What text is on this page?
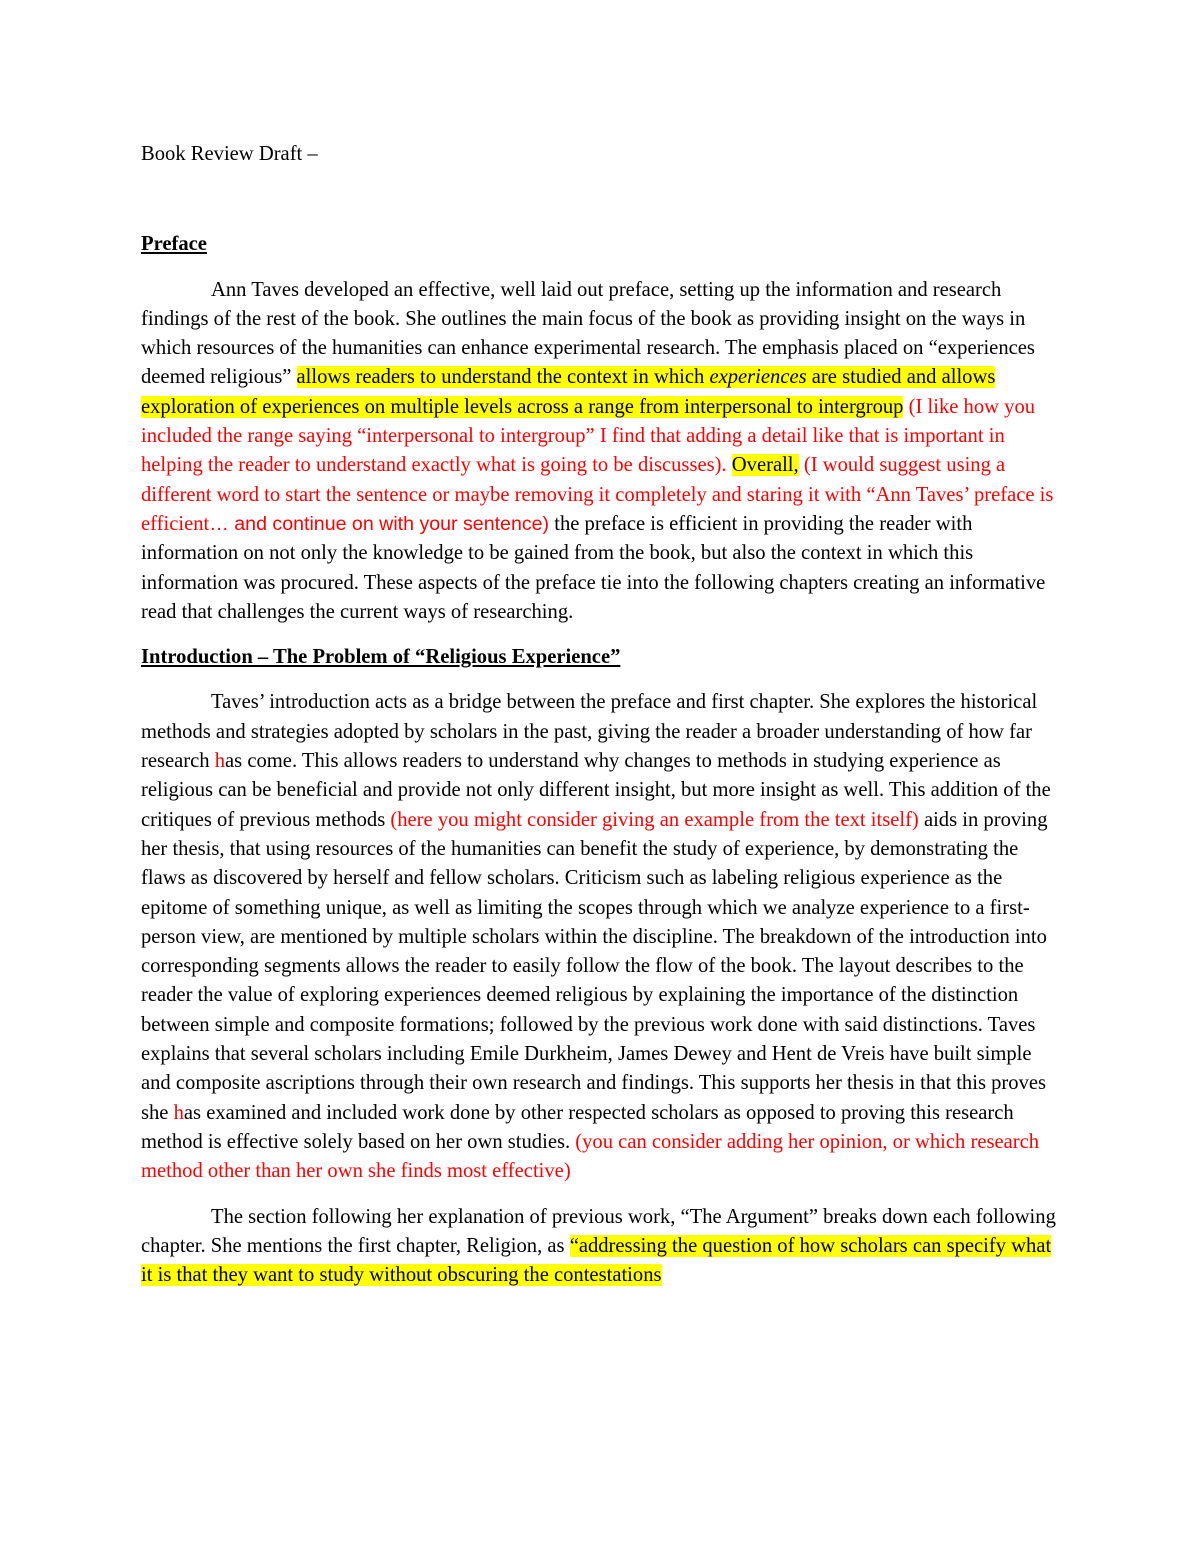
Book Review Draft –

Preface

Ann Taves developed an effective, well laid out preface, setting up the information and research findings of the rest of the book. She outlines the main focus of the book as providing insight on the ways in which resources of the humanities can enhance experimental research. The emphasis placed on “experiences deemed religious” allows readers to understand the context in which experiences are studied and allows exploration of experiences on multiple levels across a range from interpersonal to intergroup (I like how you included the range saying “interpersonal to intergroup” I find that adding a detail like that is important in helping the reader to understand exactly what is going to be discusses). Overall, (I would suggest using a different word to start the sentence or maybe removing it completely and staring it with “Ann Taves’ preface is efficient… and continue on with your sentence) the preface is efficient in providing the reader with information on not only the knowledge to be gained from the book, but also the context in which this information was procured. These aspects of the preface tie into the following chapters creating an informative read that challenges the current ways of researching.

Introduction – The Problem of “Religious Experience”

Taves’ introduction acts as a bridge between the preface and first chapter. She explores the historical methods and strategies adopted by scholars in the past, giving the reader a broader understanding of how far research has come. This allows readers to understand why changes to methods in studying experience as religious can be beneficial and provide not only different insight, but more insight as well. This addition of the critiques of previous methods (here you might consider giving an example from the text itself) aids in proving her thesis, that using resources of the humanities can benefit the study of experience, by demonstrating the flaws as discovered by herself and fellow scholars. Criticism such as labeling religious experience as the epitome of something unique, as well as limiting the scopes through which we analyze experience to a first-person view, are mentioned by multiple scholars within the discipline. The breakdown of the introduction into corresponding segments allows the reader to easily follow the flow of the book. The layout describes to the reader the value of exploring experiences deemed religious by explaining the importance of the distinction between simple and composite formations; followed by the previous work done with said distinctions. Taves explains that several scholars including Emile Durkheim, James Dewey and Hent de Vreis have built simple and composite ascriptions through their own research and findings. This supports her thesis in that this proves she has examined and included work done by other respected scholars as opposed to proving this research method is effective solely based on her own studies. (you can consider adding her opinion, or which research method other than her own she finds most effective)

The section following her explanation of previous work, “The Argument” breaks down each following chapter. She mentions the first chapter, Religion, as “addressing the question of how scholars can specify what it is that they want to study without obscuring the contestations
